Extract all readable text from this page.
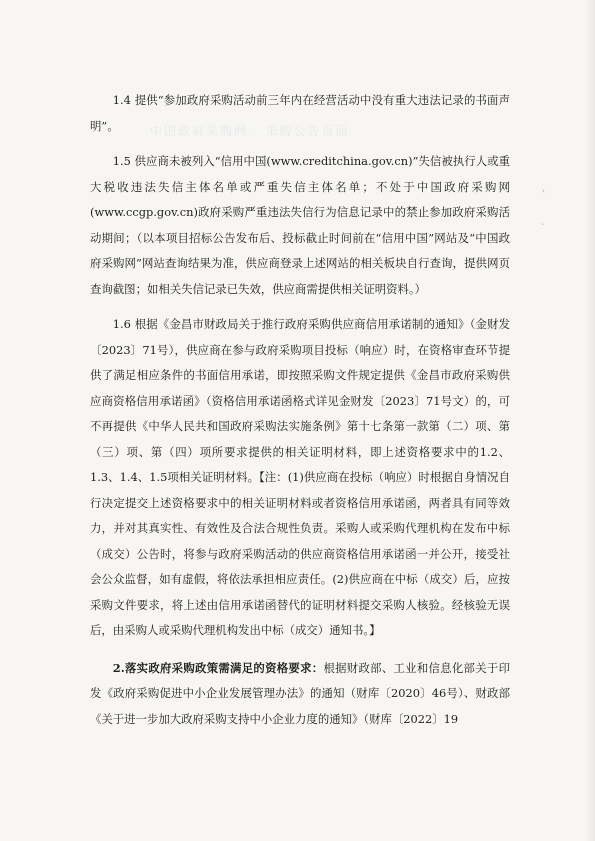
中国政府采购网 · 采购公告页面
ヽ
`

1.4 提供“参加政府采购活动前三年内在经营活动中没有重大违法记录的书面声明”。

1.5 供应商未被列入“信用中国(www.creditchina.gov.cn)”失信被执行人或重大税收违法失信主体名单或严重失信主体名单；不处于中国政府采购网(www.ccgp.gov.cn)政府采购严重违法失信行为信息记录中的禁止参加政府采购活动期间；（以本项目招标公告发布后、投标截止时间前在“信用中国”网站及“中国政府采购网”网站查询结果为准，供应商登录上述网站的相关板块自行查询，提供网页查询截图；如相关失信记录已失效，供应商需提供相关证明资料。）

1.6 根据《金昌市财政局关于推行政府采购供应商信用承诺制的通知》（金财发〔2023〕71号），供应商在参与政府采购项目投标（响应）时，在资格审查环节提供了满足相应条件的书面信用承诺，即按照采购文件规定提供《金昌市政府采购供应商资格信用承诺函》（资格信用承诺函格式详见金财发〔2023〕71号文）的，可不再提供《中华人民共和国政府采购法实施条例》第十七条第一款第（二）项、第（三）项、第（四）项所要求提供的相关证明材料，即上述资格要求中的1.2、1.3、1.4、1.5项相关证明材料。【注：(1)供应商在投标（响应）时根据自身情况自行决定提交上述资格要求中的相关证明材料或者资格信用承诺函，两者具有同等效力，并对其真实性、有效性及合法合规性负责。采购人或采购代理机构在发布中标（成交）公告时，将参与政府采购活动的供应商资格信用承诺函一并公开，接受社会公众监督，如有虚假，将依法承担相应责任。(2)供应商在中标（成交）后，应按采购文件要求，将上述由信用承诺函替代的证明材料提交采购人核验。经核验无误后，由采购人或采购代理机构发出中标（成交）通知书。】

2.落实政府采购政策需满足的资格要求：根据财政部、工业和信息化部关于印发《政府采购促进中小企业发展管理办法》的通知（财库〔2020〕46号）、财政部《关于进一步加大政府采购支持中小企业力度的通知》（财库〔2022〕19
